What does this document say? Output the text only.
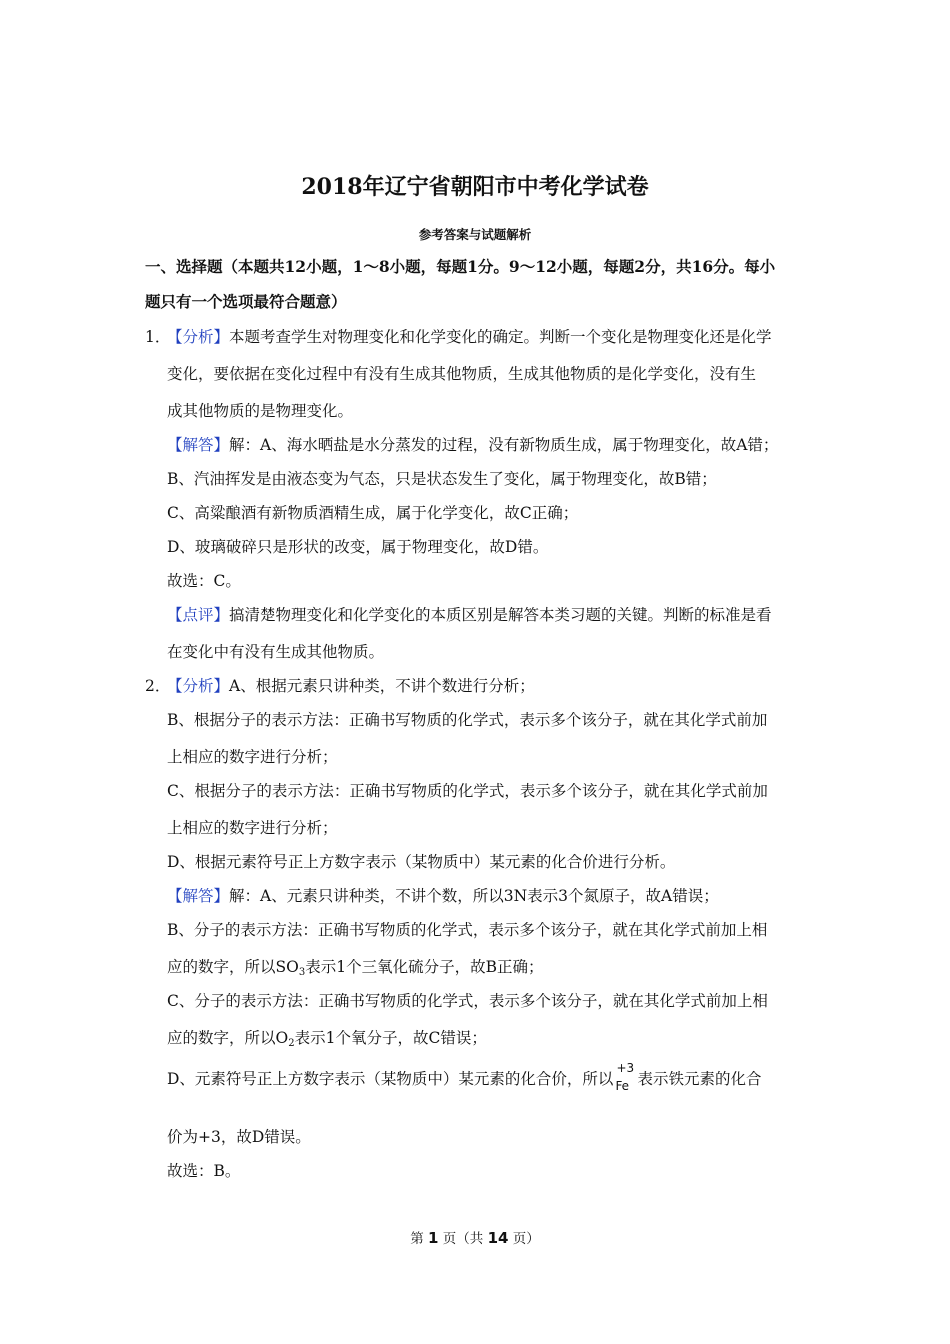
2018年辽宁省朝阳市中考化学试卷
参考答案与试题解析
一、选择题（本题共12小题，1～8小题，每题1分。9～12小题，每题2分，共16分。每小
题只有一个选项最符合题意）
1．【分析】本题考查学生对物理变化和化学变化的确定。判断一个变化是物理变化还是化学
变化，要依据在变化过程中有没有生成其他物质，生成其他物质的是化学变化，没有生
成其他物质的是物理变化。
【解答】解：A、海水晒盐是水分蒸发的过程，没有新物质生成，属于物理变化，故A错；
B、汽油挥发是由液态变为气态，只是状态发生了变化，属于物理变化，故B错；
C、高粱酿酒有新物质酒精生成，属于化学变化，故C正确；
D、玻璃破碎只是形状的改变，属于物理变化，故D错。
故选：C。
【点评】搞清楚物理变化和化学变化的本质区别是解答本类习题的关键。判断的标准是看
在变化中有没有生成其他物质。
2．【分析】A、根据元素只讲种类，不讲个数进行分析；
B、根据分子的表示方法：正确书写物质的化学式，表示多个该分子，就在其化学式前加
上相应的数字进行分析；
C、根据分子的表示方法：正确书写物质的化学式，表示多个该分子，就在其化学式前加
上相应的数字进行分析；
D、根据元素符号正上方数字表示（某物质中）某元素的化合价进行分析。
【解答】解：A、元素只讲种类，不讲个数，所以3N表示3个氮原子，故A错误；
B、分子的表示方法：正确书写物质的化学式，表示多个该分子，就在其化学式前加上相
应的数字，所以$SO_3$表示1个三氧化硫分子，故B正确；
C、分子的表示方法：正确书写物质的化学式，表示多个该分子，就在其化学式前加上相
应的数字，所以$O_2$表示1个氧分子，故C错误；
D、元素符号正上方数字表示（某物质中）某元素的化合价，所以
+3
Fe 表示铁元素的化合
价为+3，故D错误。
故选：B。
第 1 页（共 14 页）
